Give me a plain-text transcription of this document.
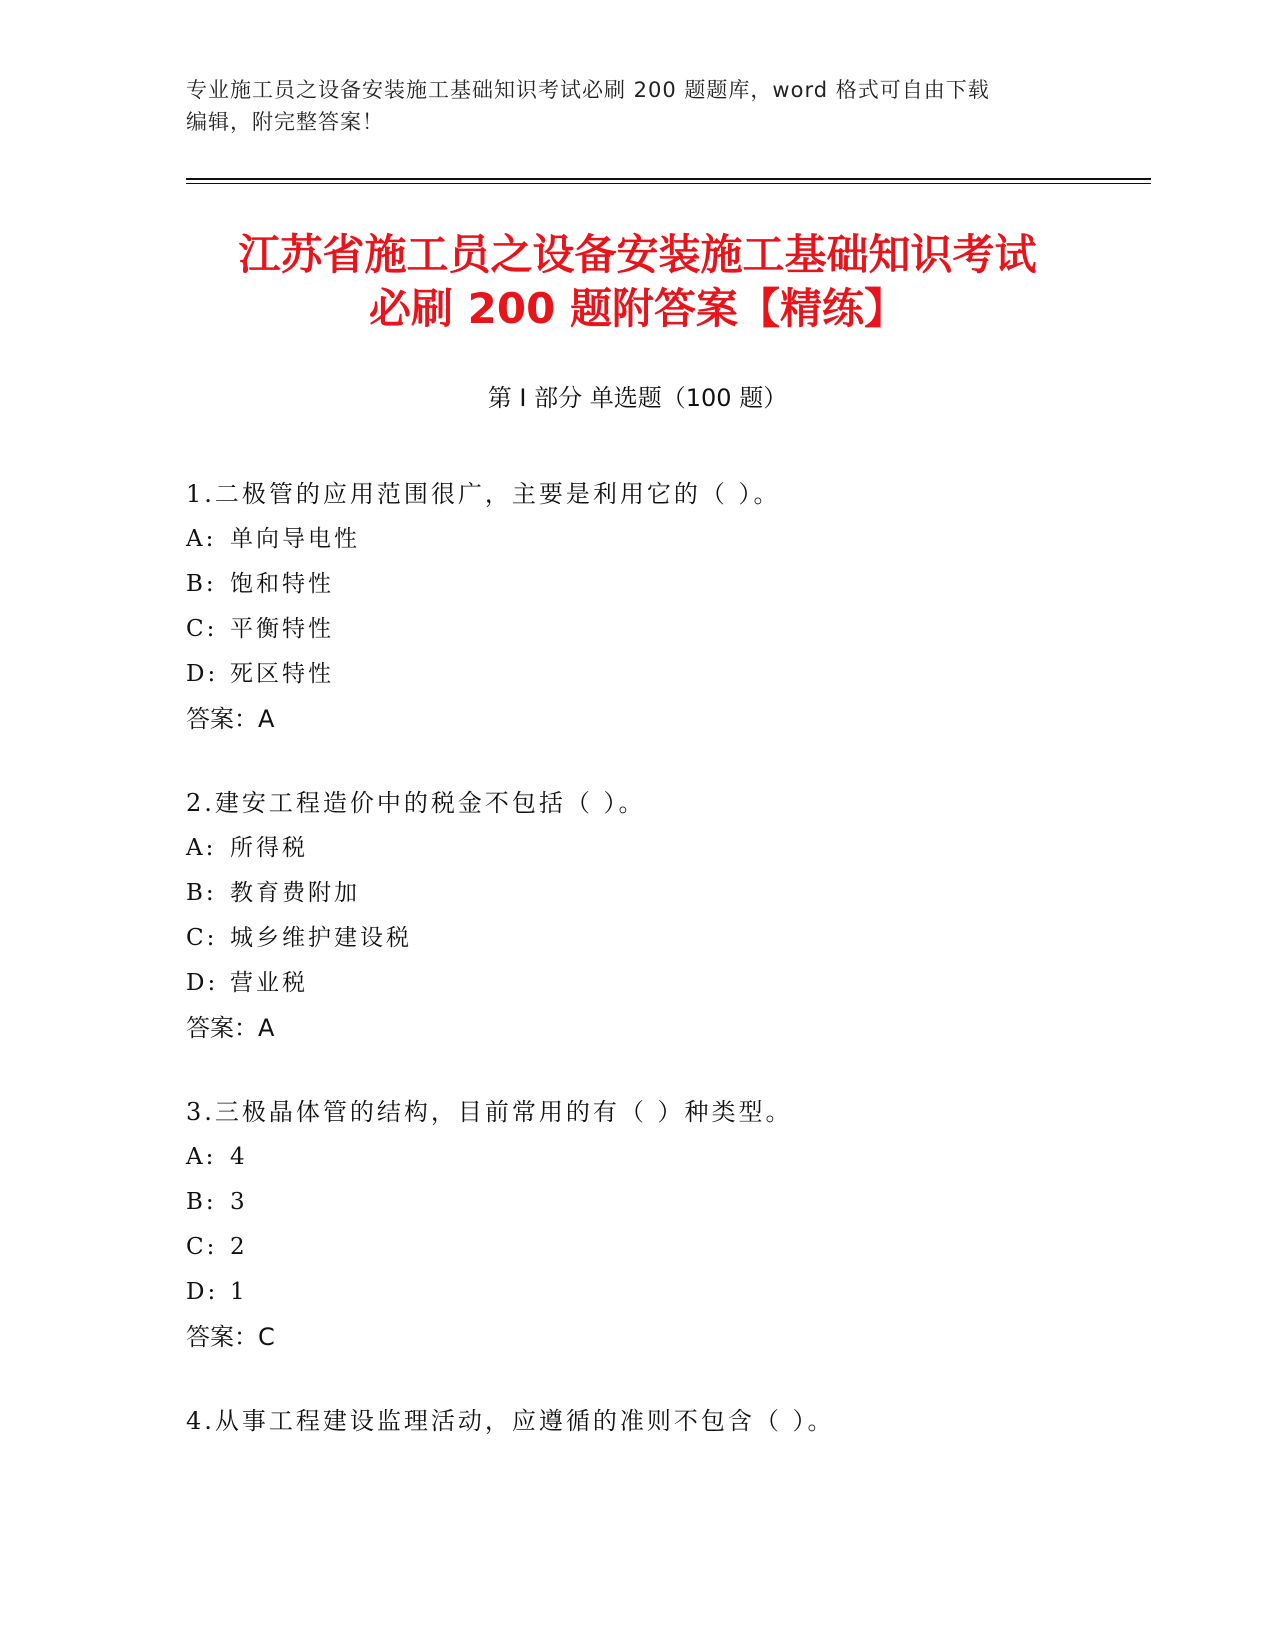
专业施工员之设备安装施工基础知识考试必刷 200 题题库，word 格式可自由下载
编辑，附完整答案！
江苏省施工员之设备安装施工基础知识考试
必刷 200 题附答案【精练】
第 I 部分 单选题（100 题）
1.二极管的应用范围很广，主要是利用它的（ ）。
A: 单向导电性
B: 饱和特性
C: 平衡特性
D: 死区特性
答案：A
2.建安工程造价中的税金不包括（ ）。
A: 所得税
B: 教育费附加
C: 城乡维护建设税
D: 营业税
答案：A
3.三极晶体管的结构，目前常用的有（ ）种类型。
A: 4
B: 3
C: 2
D: 1
答案：C
4.从事工程建设监理活动，应遵循的准则不包含（ ）。
